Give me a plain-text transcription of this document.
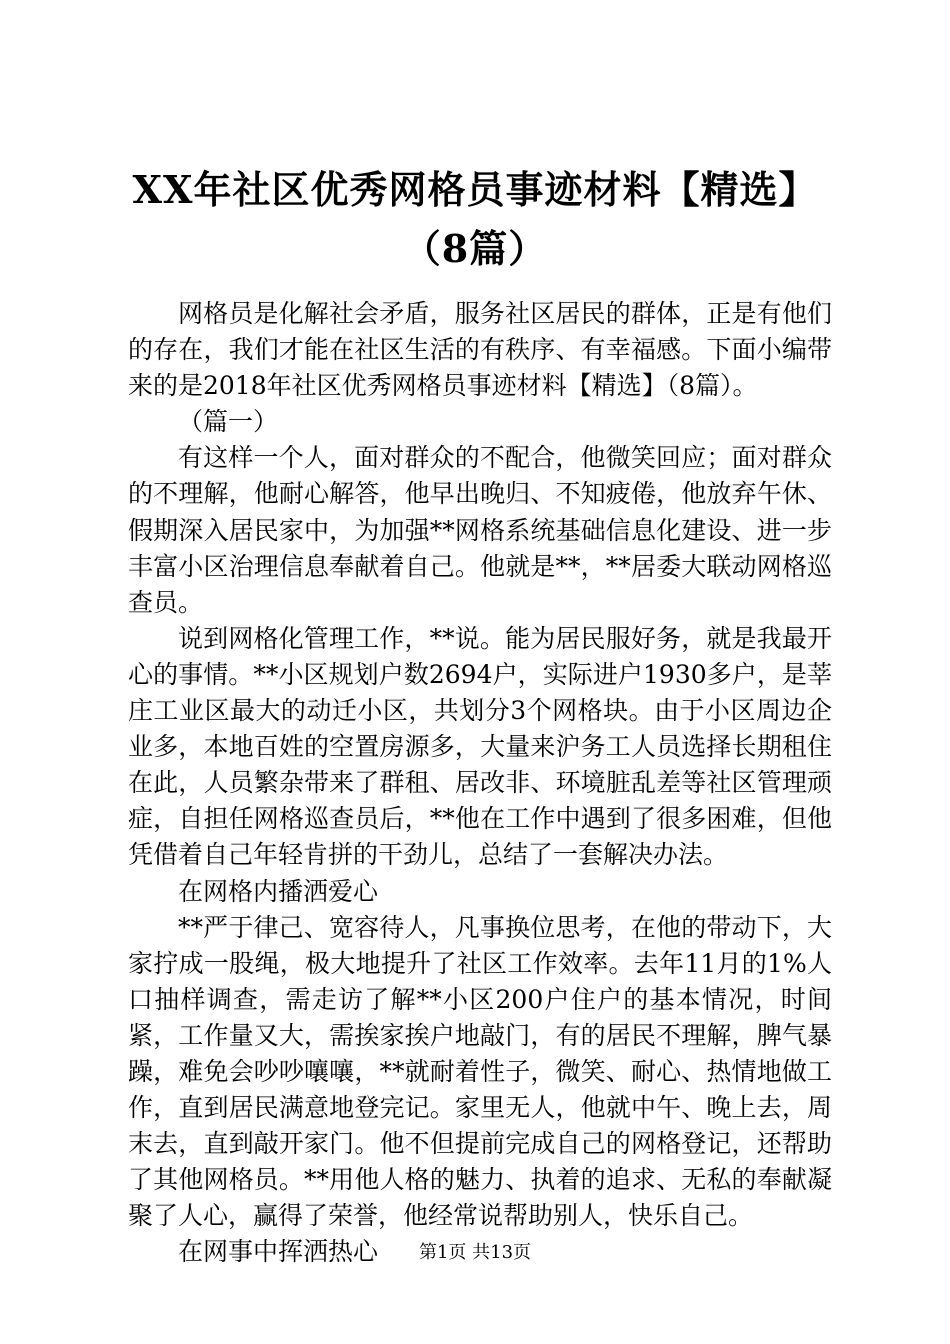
XX年社区优秀网格员事迹材料【精选】（8篇）

网格员是化解社会矛盾，服务社区居民的群体，正是有他们的存在，我们才能在社区生活的有秩序、有幸福感。下面小编带来的是2018年社区优秀网格员事迹材料【精选】（8篇）。

（篇一）

有这样一个人，面对群众的不配合，他微笑回应；面对群众的不理解，他耐心解答，他早出晚归、不知疲倦，他放弃午休、假期深入居民家中，为加强**网格系统基础信息化建设、进一步丰富小区治理信息奉献着自己。他就是**，**居委大联动网格巡查员。

说到网格化管理工作，**说。能为居民服好务，就是我最开心的事情。**小区规划户数2694户，实际进户1930多户，是莘庄工业区最大的动迁小区，共划分3个网格块。由于小区周边企业多，本地百姓的空置房源多，大量来沪务工人员选择长期租住在此，人员繁杂带来了群租、居改非、环境脏乱差等社区管理顽症，自担任网格巡查员后，**他在工作中遇到了很多困难，但他凭借着自己年轻肯拼的干劲儿，总结了一套解决办法。

在网格内播洒爱心

**严于律己、宽容待人，凡事换位思考，在他的带动下，大家拧成一股绳，极大地提升了社区工作效率。去年11月的1%人口抽样调查，需走访了解**小区200户住户的基本情况，时间紧，工作量又大，需挨家挨户地敲门，有的居民不理解，脾气暴躁，难免会吵吵嚷嚷，**就耐着性子，微笑、耐心、热情地做工作，直到居民满意地登完记。家里无人，他就中午、晚上去，周末去，直到敲开家门。他不但提前完成自己的网格登记，还帮助了其他网格员。**用他人格的魅力、执着的追求、无私的奉献凝聚了人心，赢得了荣誉，他经常说帮助别人，快乐自己。

在网事中挥洒热心	第1页 共13页
